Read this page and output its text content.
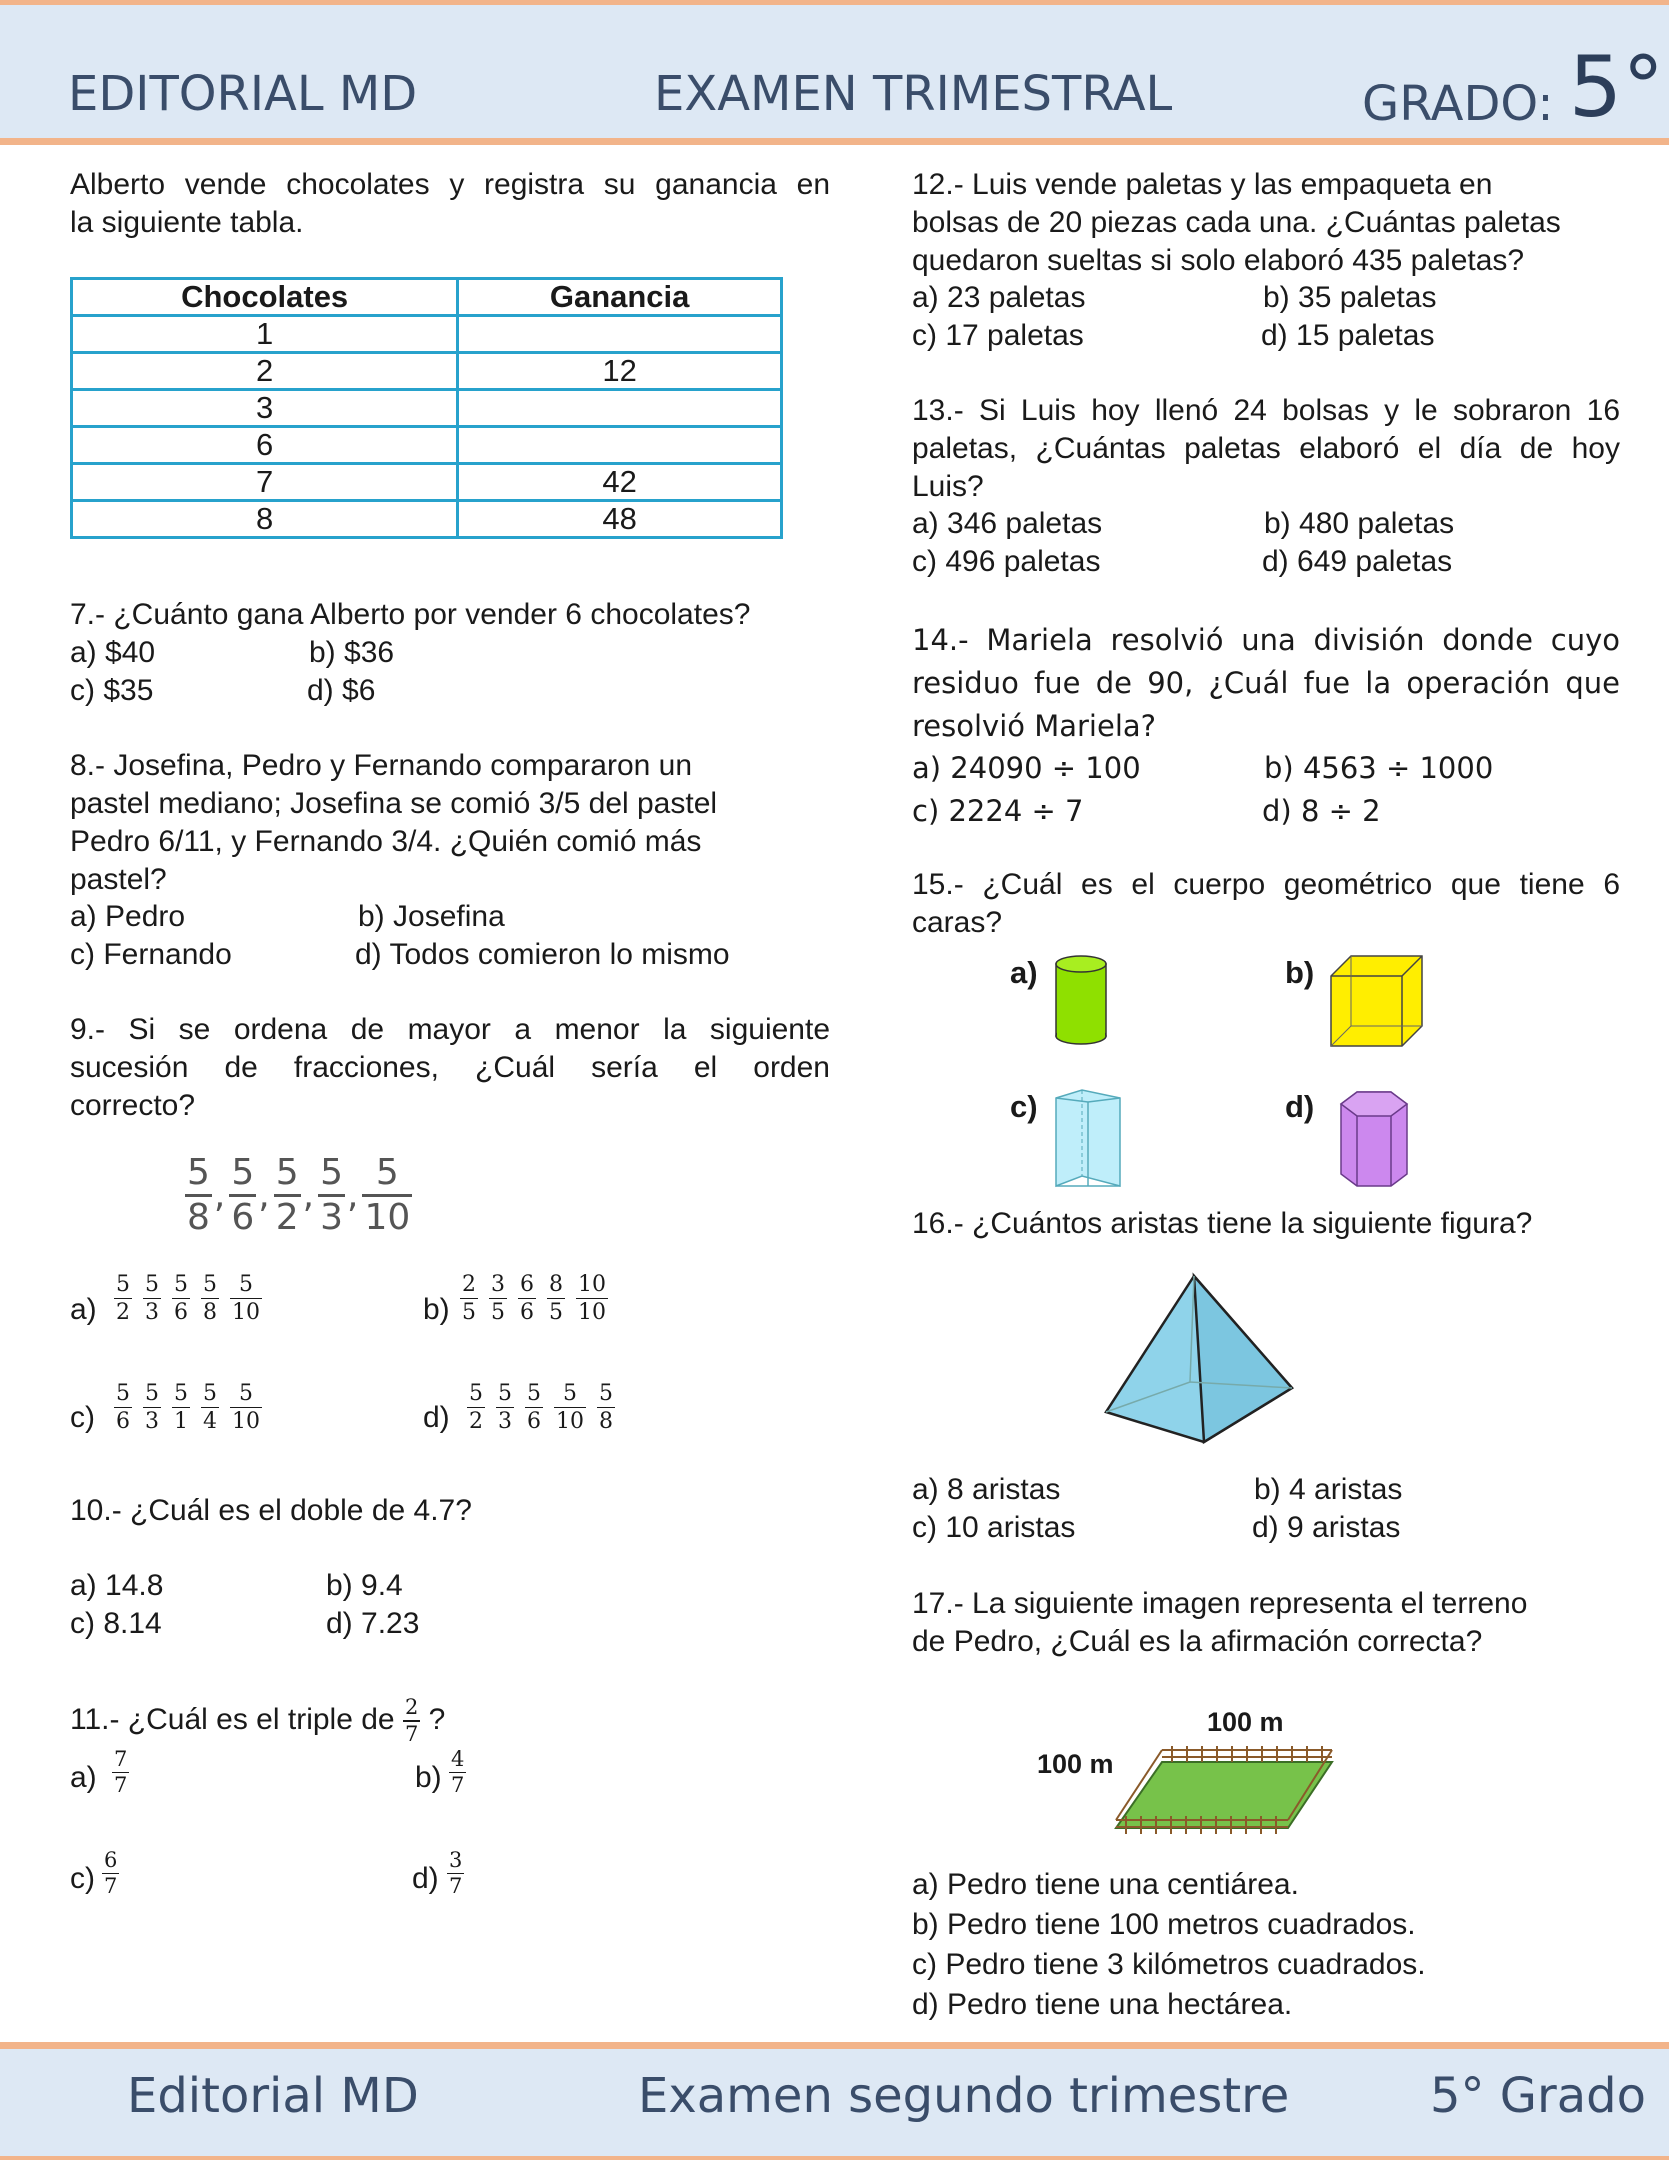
EDITORIAL MD	EXAMEN TRIMESTRAL	GRADO: 5°
Alberto vende chocolates y registra su ganancia en
la siguiente tabla.
Chocolates	Ganancia
1	
2	12
3	
6	
7	42
8	48
7.- ¿Cuánto gana Alberto por vender 6 chocolates?
a) $40	b) $36
c) $35	d) $6
8.- Josefina, Pedro y Fernando compararon un
pastel mediano; Josefina se comió 3/5 del pastel
Pedro 6/11, y Fernando 3/4. ¿Quién comió más
pastel?
a) Pedro	b) Josefina
c) Fernando	d) Todos comieron lo mismo
9.- Si se ordena de mayor a menor la siguiente
sucesión de fracciones, ¿Cuál sería el orden
correcto?
$\frac{5}{8}$ , $\frac{5}{6}$ , $\frac{5}{2}$ , $\frac{5}{3}$ , $\frac{5}{10}$
$a) \frac{5}{2} \frac{5}{3} \frac{5}{6} \frac{5}{8} \frac{5}{10}$	$b) \frac{2}{5} \frac{3}{5} \frac{6}{6} \frac{8}{5} \frac{10}{10}$
$c) \frac{5}{6} \frac{5}{3} \frac{5}{1} \frac{5}{4} \frac{5}{10}$	$d) \frac{5}{2} \frac{5}{3} \frac{5}{6} \frac{5}{10} \frac{5}{8}$
10.- ¿Cuál es el doble de 4.7?
a) 14.8	b) 9.4
c) 8.14	d) 7.23
11.- ¿Cuál es el triple de $\frac{2}{7}$ ?
$a) \frac{7}{7}$	$b) \frac{4}{7}$
$c) \frac{6}{7}$	$d) \frac{3}{7}$
12.- Luis vende paletas y las empaqueta en
bolsas de 20 piezas cada una. ¿Cuántas paletas
quedaron sueltas si solo elaboró 435 paletas?
a) 23 paletas	b) 35 paletas
c) 17 paletas	d) 15 paletas
13.- Si Luis hoy llenó 24 bolsas y le sobraron 16
paletas, ¿Cuántas paletas elaboró el día de hoy
Luis?
a) 346 paletas	b) 480 paletas
c) 496 paletas	d) 649 paletas
14.- Mariela resolvió una división donde cuyo
residuo fue de 90, ¿Cuál fue la operación que
resolvió Mariela?
a) 24090 ÷ 100	b) 4563 ÷ 1000
c) 2224 ÷ 7	d) 8 ÷ 2
15.- ¿Cuál es el cuerpo geométrico que tiene 6
caras?
a)	b)
c)	d)
16.- ¿Cuántos aristas tiene la siguiente figura?
a) 8 aristas	b) 4 aristas
c) 10 aristas	d) 9 aristas
17.- La siguiente imagen representa el terreno
de Pedro, ¿Cuál es la afirmación correcta?
100 m
100 m
a) Pedro tiene una centiárea.
b) Pedro tiene 100 metros cuadrados.
c) Pedro tiene 3 kilómetros cuadrados.
d) Pedro tiene una hectárea.
Editorial MD	Examen segundo trimestre	5° Grado
